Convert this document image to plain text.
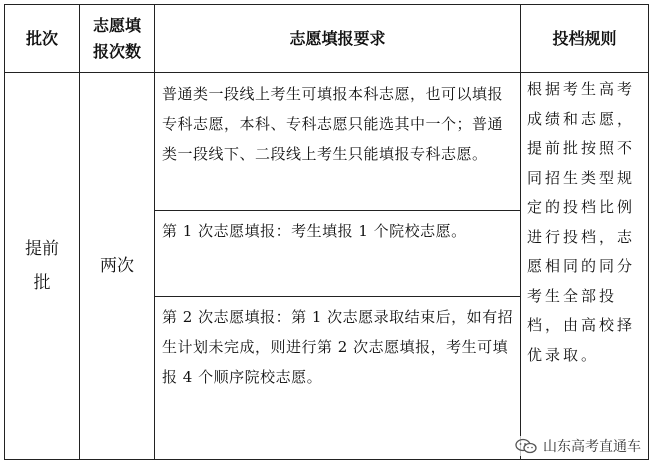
批次
志愿填
报次数
志愿填报要求	投档规则
提前
批
两次
普通类一段线上考生可填报本科志愿，也可以填报专科志愿，本科、专科志愿只能选其中一个；普通类一段线下、二段线上考生只能填报专科志愿。
第 1 次志愿填报：考生填报 1 个院校志愿。
第 2 次志愿填报：第 1 次志愿录取结束后，如有招生计划未完成，则进行第 2 次志愿填报，考生可填报 4 个顺序院校志愿。
根据考生高考成绩和志愿，提前批按照不同招生类型规定的投档比例进行投档，志愿相同的同分考生全部投档，由高校择优录取。
山东高考直通车
